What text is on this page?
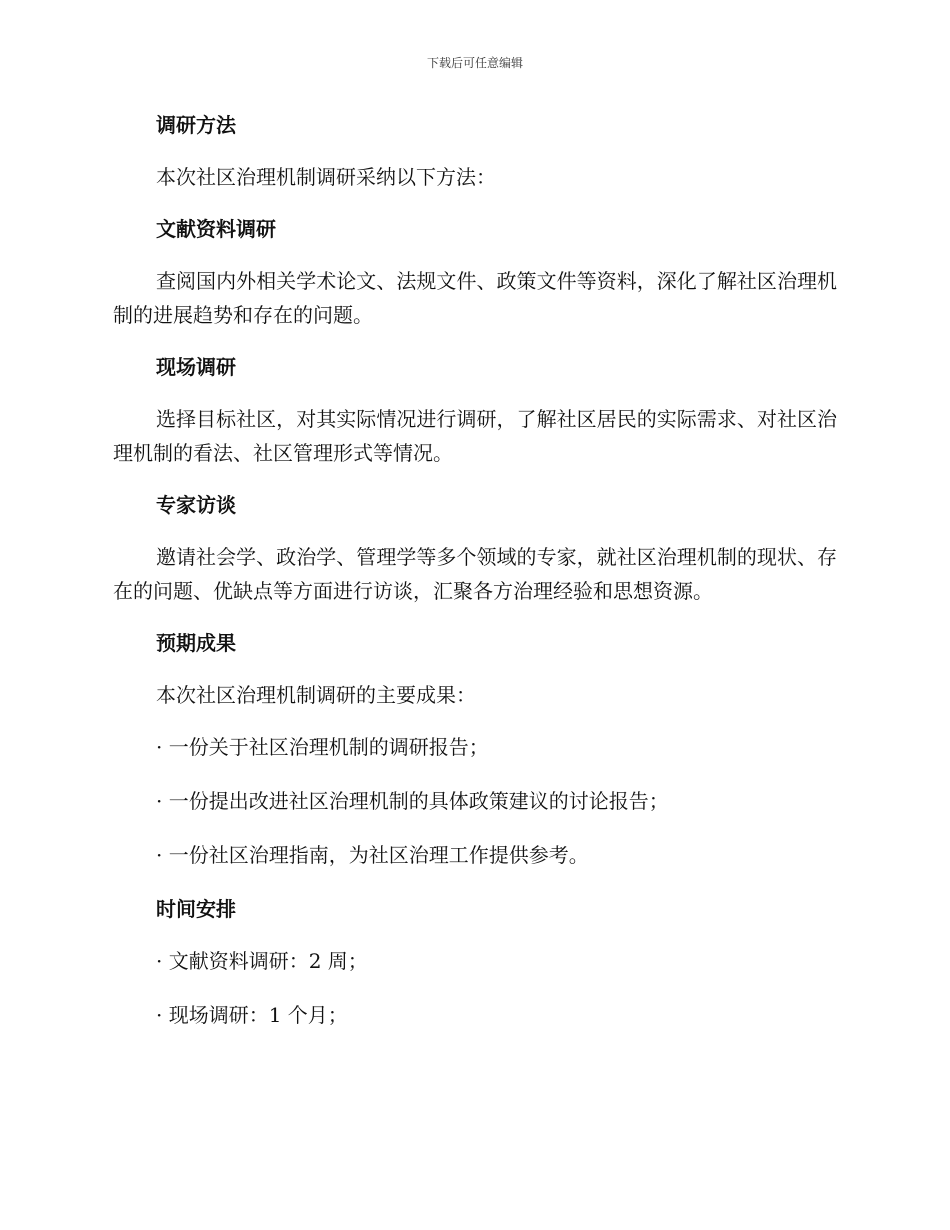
下载后可任意编辑
调研方法
本次社区治理机制调研采纳以下方法：
文献资料调研
查阅国内外相关学术论文、法规文件、政策文件等资料，深化了解社区治理机制的进展趋势和存在的问题。
现场调研
选择目标社区，对其实际情况进行调研，了解社区居民的实际需求、对社区治理机制的看法、社区管理形式等情况。
专家访谈
邀请社会学、政治学、管理学等多个领域的专家，就社区治理机制的现状、存在的问题、优缺点等方面进行访谈，汇聚各方治理经验和思想资源。
预期成果
本次社区治理机制调研的主要成果：
· 一份关于社区治理机制的调研报告；
· 一份提出改进社区治理机制的具体政策建议的讨论报告；
· 一份社区治理指南，为社区治理工作提供参考。
时间安排
· 文献资料调研：2 周；
· 现场调研：1 个月；
